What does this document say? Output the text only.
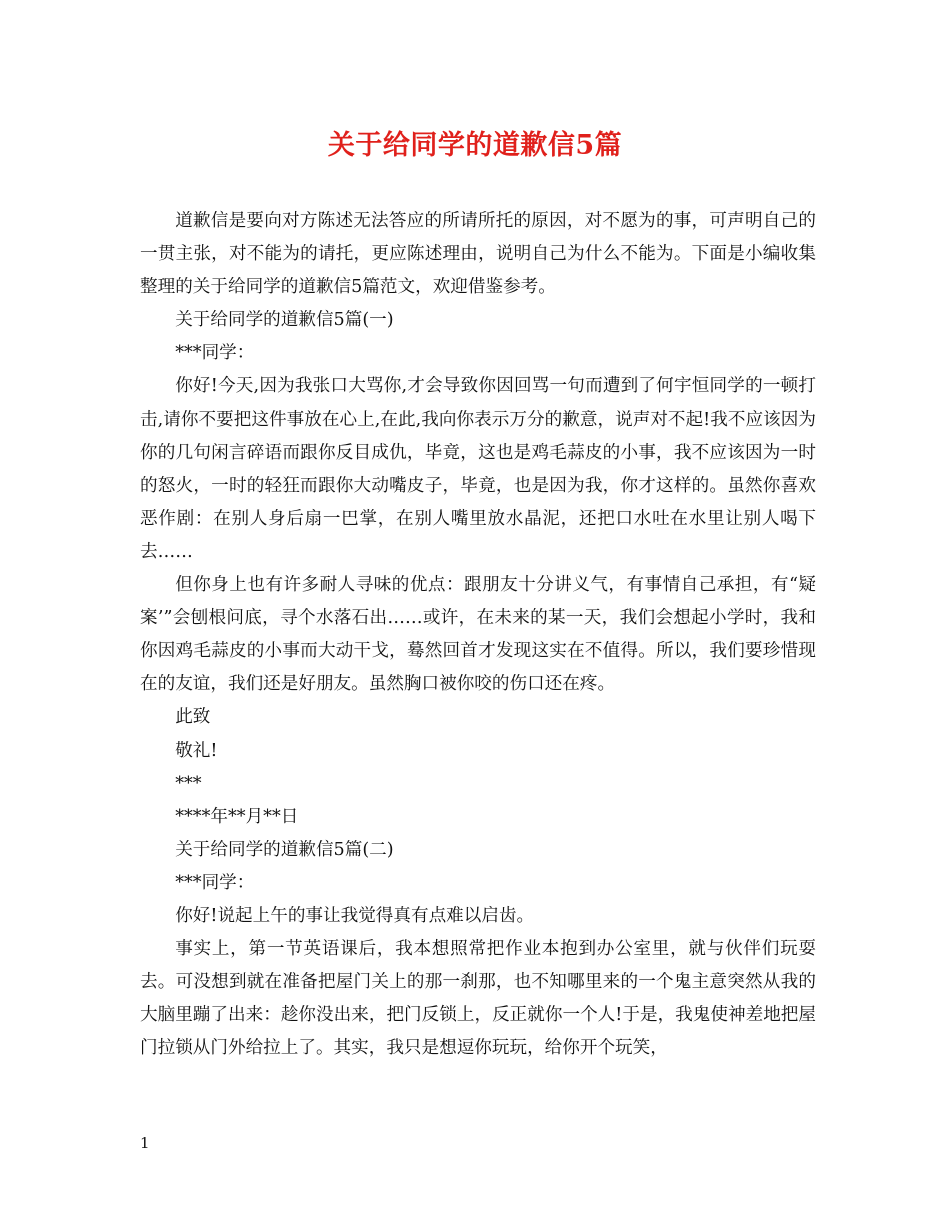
关于给同学的道歉信5篇

道歉信是要向对方陈述无法答应的所请所托的原因，对不愿为的事，可声明自己的一贯主张，对不能为的请托，更应陈述理由，说明自己为什么不能为。下面是小编收集整理的关于给同学的道歉信5篇范文，欢迎借鉴参考。

关于给同学的道歉信5篇(一)

***同学：

你好!今天,因为我张口大骂你,才会导致你因回骂一句而遭到了何宇恒同学的一顿打击,请你不要把这件事放在心上,在此,我向你表示万分的歉意，说声对不起!我不应该因为你的几句闲言碎语而跟你反目成仇，毕竟，这也是鸡毛蒜皮的小事，我不应该因为一时的怒火，一时的轻狂而跟你大动嘴皮子，毕竟，也是因为我，你才这样的。虽然你喜欢恶作剧：在别人身后扇一巴掌，在别人嘴里放水晶泥，还把口水吐在水里让别人喝下去……

但你身上也有许多耐人寻味的优点：跟朋友十分讲义气，有事情自己承担，有“疑案’”会刨根问底，寻个水落石出……或许，在未来的某一天，我们会想起小学时，我和你因鸡毛蒜皮的小事而大动干戈，蓦然回首才发现这实在不值得。所以，我们要珍惜现在的友谊，我们还是好朋友。虽然胸口被你咬的伤口还在疼。

此致

敬礼!

***

****年**月**日

关于给同学的道歉信5篇(二)

***同学：

你好!说起上午的事让我觉得真有点难以启齿。

事实上，第一节英语课后，我本想照常把作业本抱到办公室里，就与伙伴们玩耍去。可没想到就在准备把屋门关上的那一刹那，也不知哪里来的一个鬼主意突然从我的大脑里蹦了出来：趁你没出来，把门反锁上，反正就你一个人!于是，我鬼使神差地把屋门拉锁从门外给拉上了。其实，我只是想逗你玩玩，给你开个玩笑，

1
